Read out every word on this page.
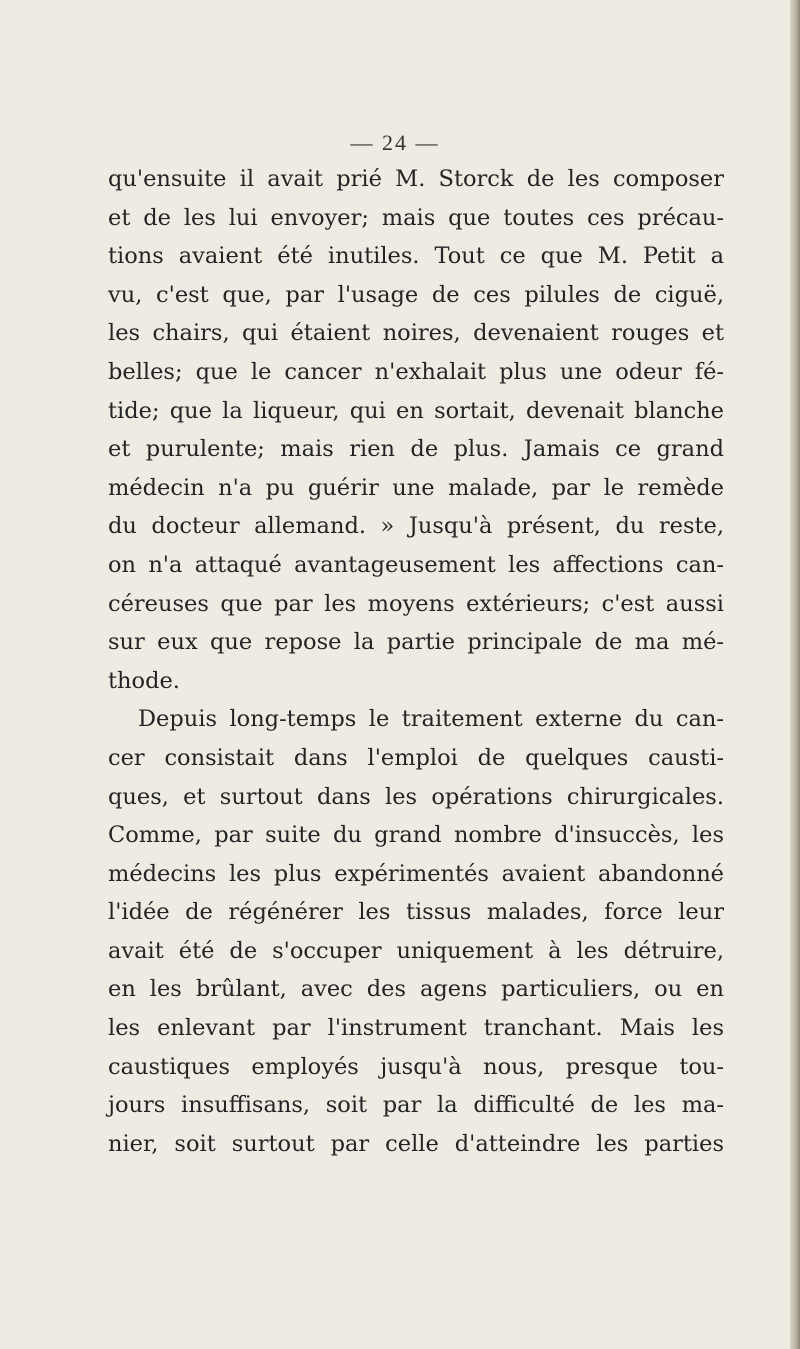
— 24 —
qu'ensuite il avait prié M. Storck de les composer
et de les lui envoyer; mais que toutes ces précau-
tions avaient été inutiles. Tout ce que M. Petit a
vu, c'est que, par l'usage de ces pilules de ciguë,
les chairs, qui étaient noires, devenaient rouges et
belles; que le cancer n'exhalait plus une odeur fé-
tide; que la liqueur, qui en sortait, devenait blanche
et purulente; mais rien de plus. Jamais ce grand
médecin n'a pu guérir une malade, par le remède
du docteur allemand. » Jusqu'à présent, du reste,
on n'a attaqué avantageusement les affections can-
céreuses que par les moyens extérieurs; c'est aussi
sur eux que repose la partie principale de ma mé-
thode.
Depuis long-temps le traitement externe du can-
cer consistait dans l'emploi de quelques causti-
ques, et surtout dans les opérations chirurgicales.
Comme, par suite du grand nombre d'insuccès, les
médecins les plus expérimentés avaient abandonné
l'idée de régénérer les tissus malades, force leur
avait été de s'occuper uniquement à les détruire,
en les brûlant, avec des agens particuliers, ou en
les enlevant par l'instrument tranchant. Mais les
caustiques employés jusqu'à nous, presque tou-
jours insuffisans, soit par la difficulté de les ma-
nier, soit surtout par celle d'atteindre les parties
